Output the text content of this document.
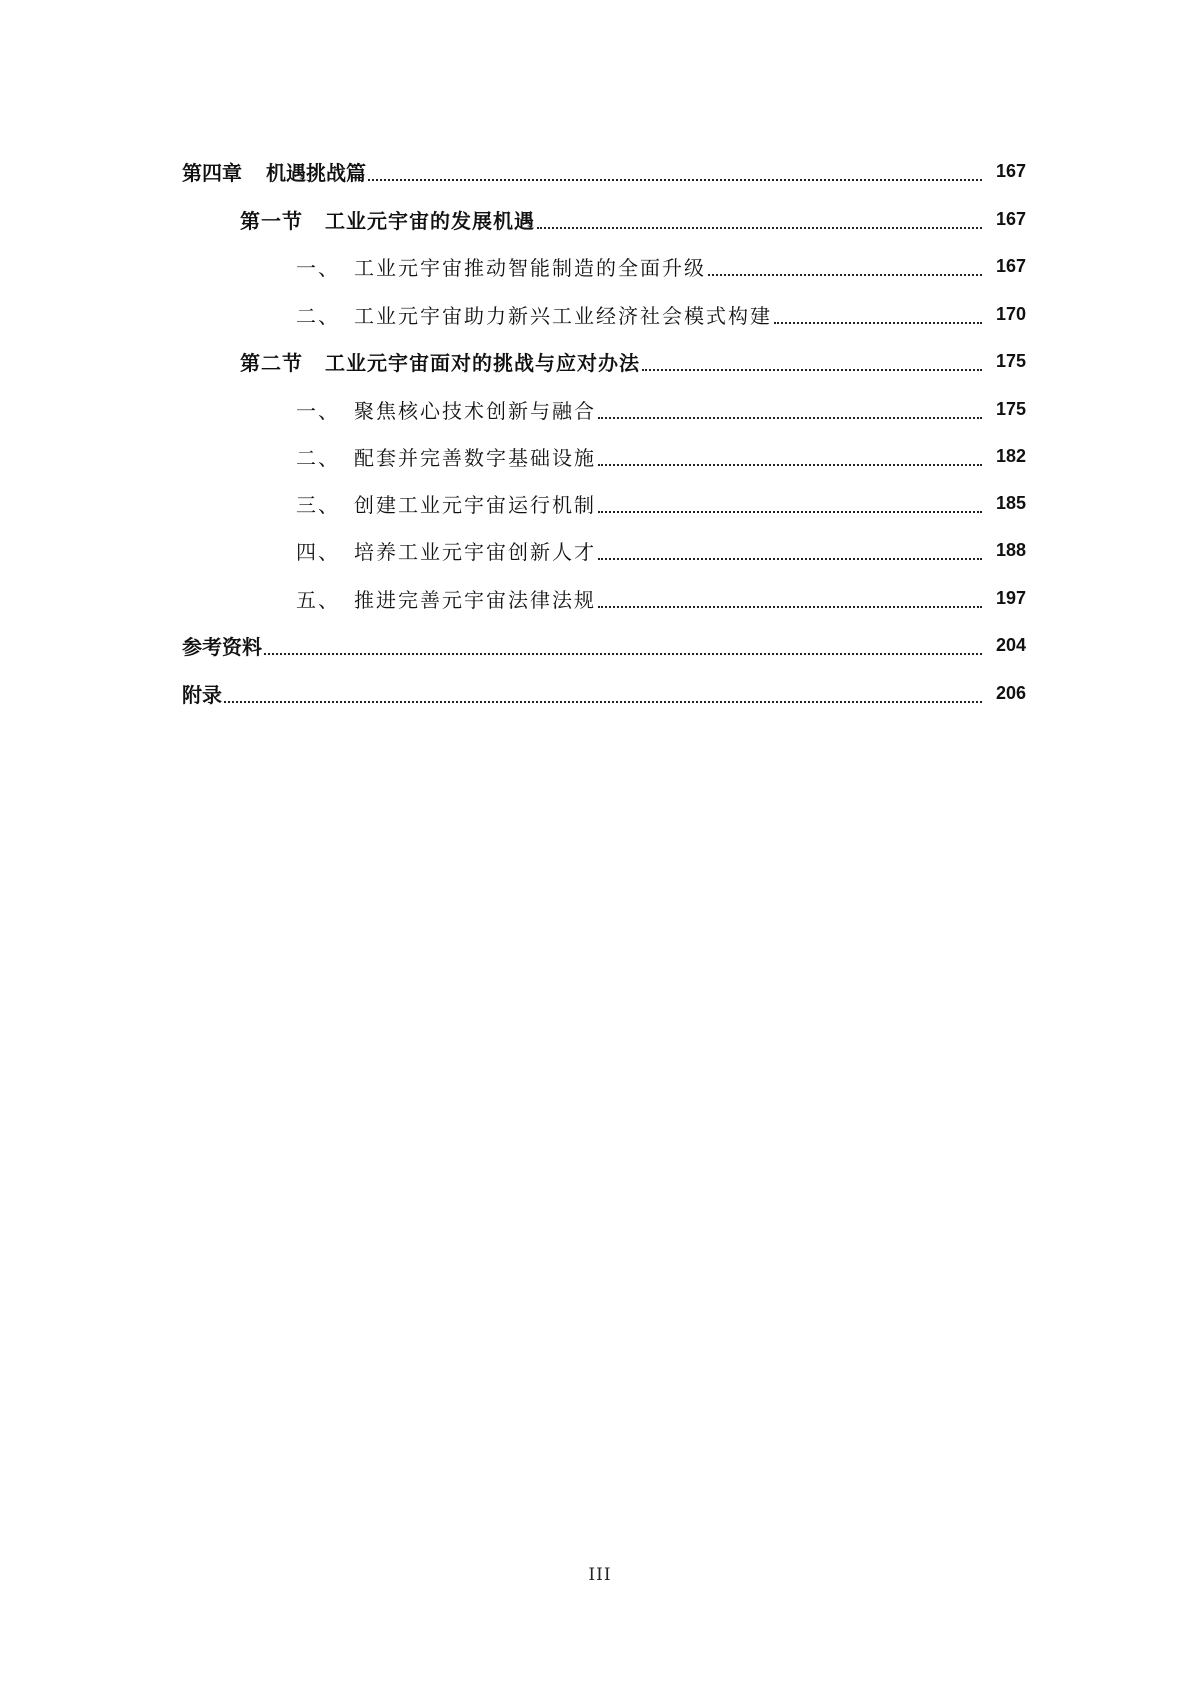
第四章 机遇挑战篇	167
第一节 工业元宇宙的发展机遇	167
一、 工业元宇宙推动智能制造的全面升级	167
二、 工业元宇宙助力新兴工业经济社会模式构建	170
第二节 工业元宇宙面对的挑战与应对办法	175
一、 聚焦核心技术创新与融合	175
二、 配套并完善数字基础设施	182
三、 创建工业元宇宙运行机制	185
四、 培养工业元宇宙创新人才	188
五、 推进完善元宇宙法律法规	197
参考资料	204
附录	206
III
